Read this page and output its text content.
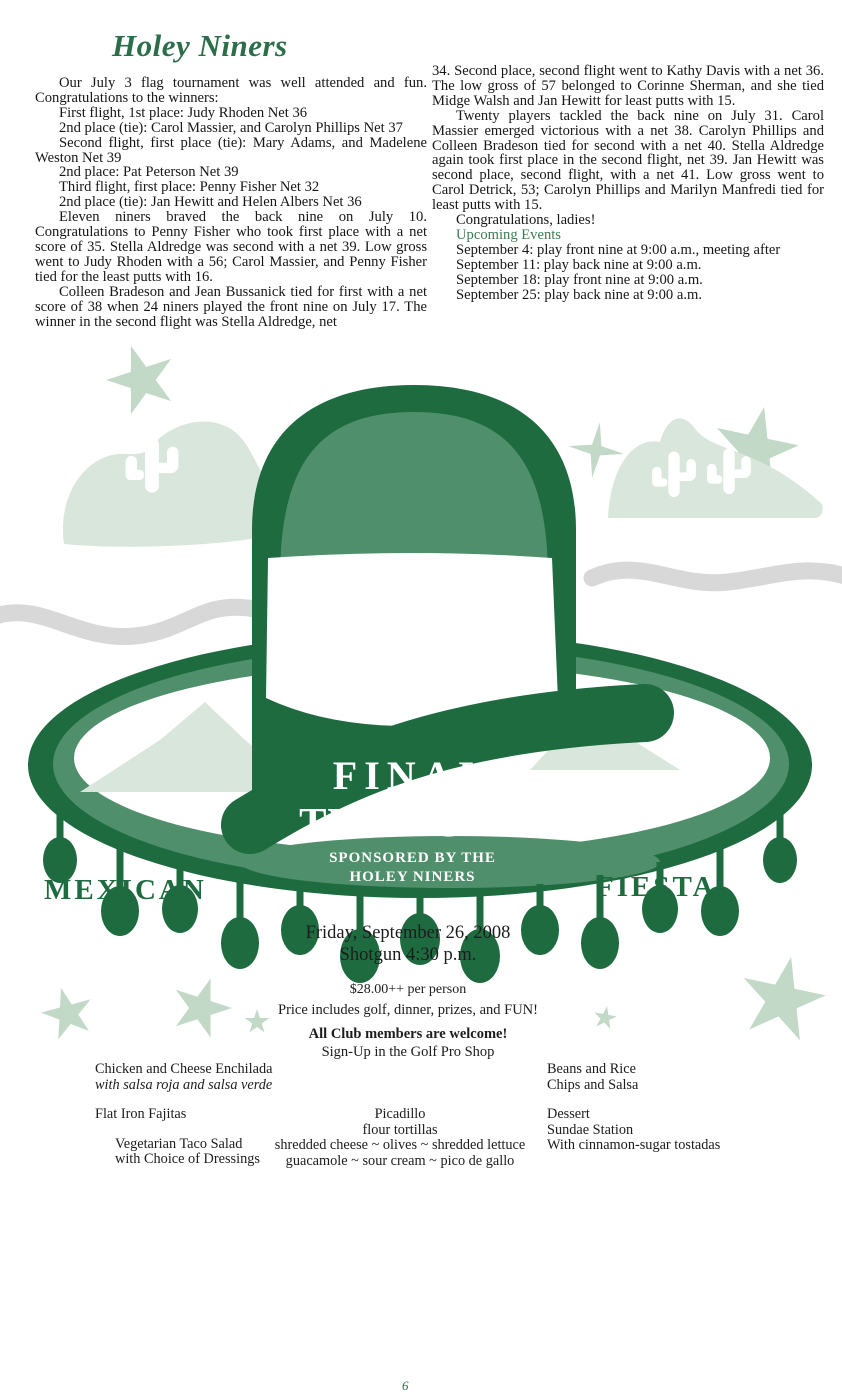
Holey Niners

Our July 3 flag tournament was well attended and fun. Congratulations to the winners:

First flight, 1st place: Judy Rhoden Net 36

2nd place (tie): Carol Massier, and Carolyn Phillips Net 37

Second flight, first place (tie): Mary Adams, and Madelene Weston Net 39

2nd place: Pat Peterson Net 39

Third flight, first place: Penny Fisher Net 32

2nd place (tie): Jan Hewitt and Helen Albers Net 36

Eleven niners braved the back nine on July 10. Congratulations to Penny Fisher who took first place with a net score of 35. Stella Aldredge was second with a net 39. Low gross went to Judy Rhoden with a 56; Carol Massier, and Penny Fisher tied for the least putts with 16.

Colleen Bradeson and Jean Bussanick tied for first with a net score of 38 when 24 niners played the front nine on July 17. The winner in the second flight was Stella Aldredge, net

34. Second place, second flight went to Kathy Davis with a net 36. The low gross of 57 belonged to Corinne Sherman, and she tied Midge Walsh and Jan Hewitt for least putts with 15.

Twenty players tackled the back nine on July 31. Carol Massier emerged victorious with a net 38. Carolyn Phillips and Colleen Bradeson tied for second with a net 40. Stella Aldredge again took first place in the second flight, net 39. Jan Hewitt was second place, second flight, with a net 41. Low gross went to Carol Detrick, 53; Carolyn Phillips and Marilyn Manfredi tied for least putts with 15.

Congratulations, ladies!

Upcoming Events

September 4: play front nine at 9:00 a.m., meeting after

September 11: play back nine at 9:00 a.m.

September 18: play front nine at 9:00 a.m.

September 25: play back nine at 9:00 a.m.

FINAL
TWILIGHT
SPONSORED BY THE
HOLEY NINERS
MEXICAN	FIESTA!
Friday, September 26, 2008
Shotgun 4:30 p.m.
$28.00++ per person
Price includes golf, dinner, prizes, and FUN!
All Club members are welcome!
Sign-Up in the Golf Pro Shop
BUFFET
Chicken and Cheese Enchilada
with salsa roja and salsa verde
Flat Iron Fajitas
Vegetarian Taco Salad
with Choice of Dressings
Picadillo
flour tortillas
shredded cheese ~ olives ~ shredded lettuce
guacamole ~ sour cream ~ pico de gallo
Beans and Rice
Chips and Salsa
Dessert
Sundae Station
With cinnamon-sugar tostadas
6
